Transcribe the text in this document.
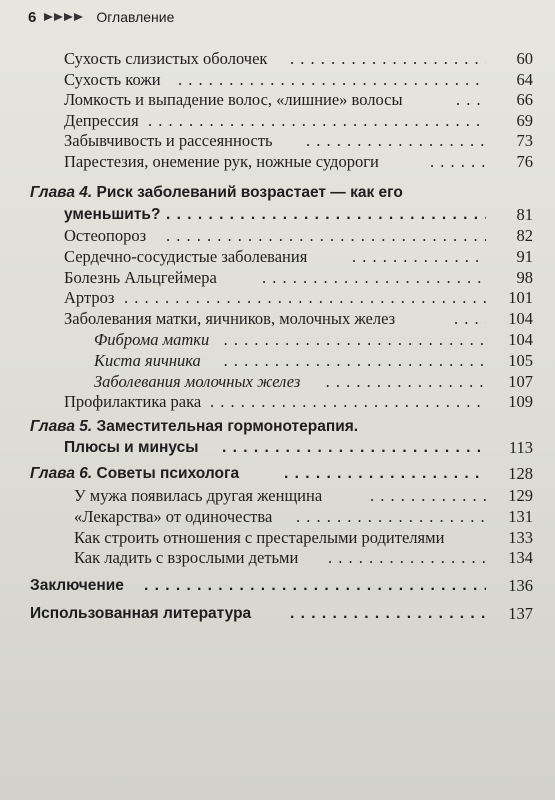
6	Оглавление
Сухость слизистых оболочек . . .	60
Сухость кожи . . .	64
Ломкость и выпадение волос, «лишние» волосы . . .	66
Депрессия . . .	69
Забывчивость и рассеянность . . .	73
Парестезия, онемение рук, ножные судороги . . .	76
Глава 4. Риск заболеваний возрастает — как его
уменьшить? . . .	81
Остеопороз . . .	82
Сердечно-сосудистые заболевания . . .	91
Болезнь Альцгеймера . . .	98
Артроз . . .	101
Заболевания матки, яичников, молочных желез . . .	104
Фиброма матки . . .	104
Киста яичника . . .	105
Заболевания молочных желез . . .	107
Профилактика рака . . .	109
Глава 5. Заместительная гормонотерапия.
Плюсы и минусы . . .	113
Глава 6. Советы психолога . . .	128
У мужа появилась другая женщина . . .	129
«Лекарства» от одиночества . . .	131
Как строить отношения с престарелыми родителями	133
Как ладить с взрослыми детьми . . .	134
Заключение . . .	136
Использованная литература . . .	137
